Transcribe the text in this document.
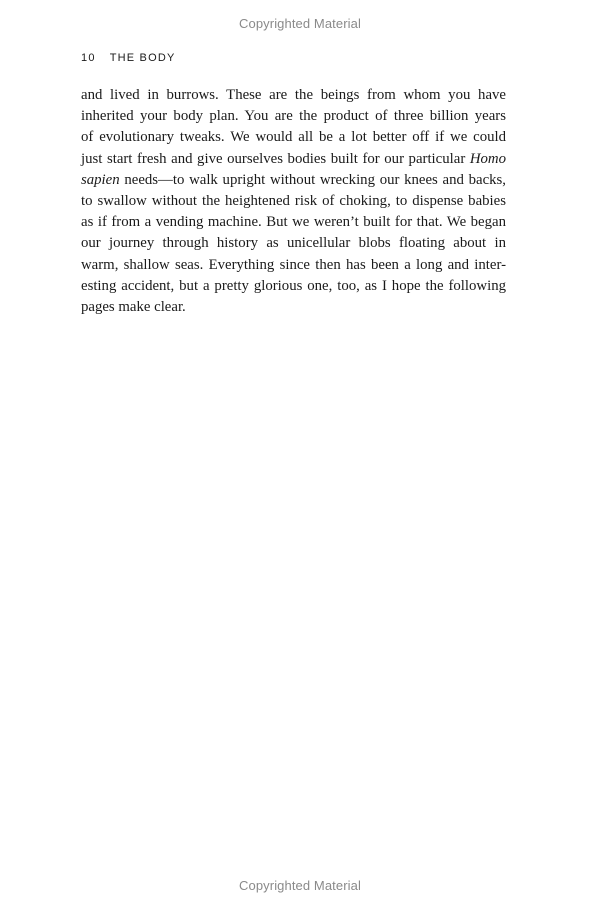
Copyrighted Material
10 THE BODY
and lived in burrows. These are the beings from whom you have
inherited your body plan. You are the product of three billion years
of evolutionary tweaks. We would all be a lot better off if we could
just start fresh and give ourselves bodies built for our particular Homo
sapien needs—to walk upright without wrecking our knees and backs,
to swallow without the heightened risk of choking, to dispense babies
as if from a vending machine. But we weren’t built for that. We began
our journey through history as unicellular blobs floating about in
warm, shallow seas. Everything since then has been a long and inter-
esting accident, but a pretty glorious one, too, as I hope the following
pages make clear.
Copyrighted Material
